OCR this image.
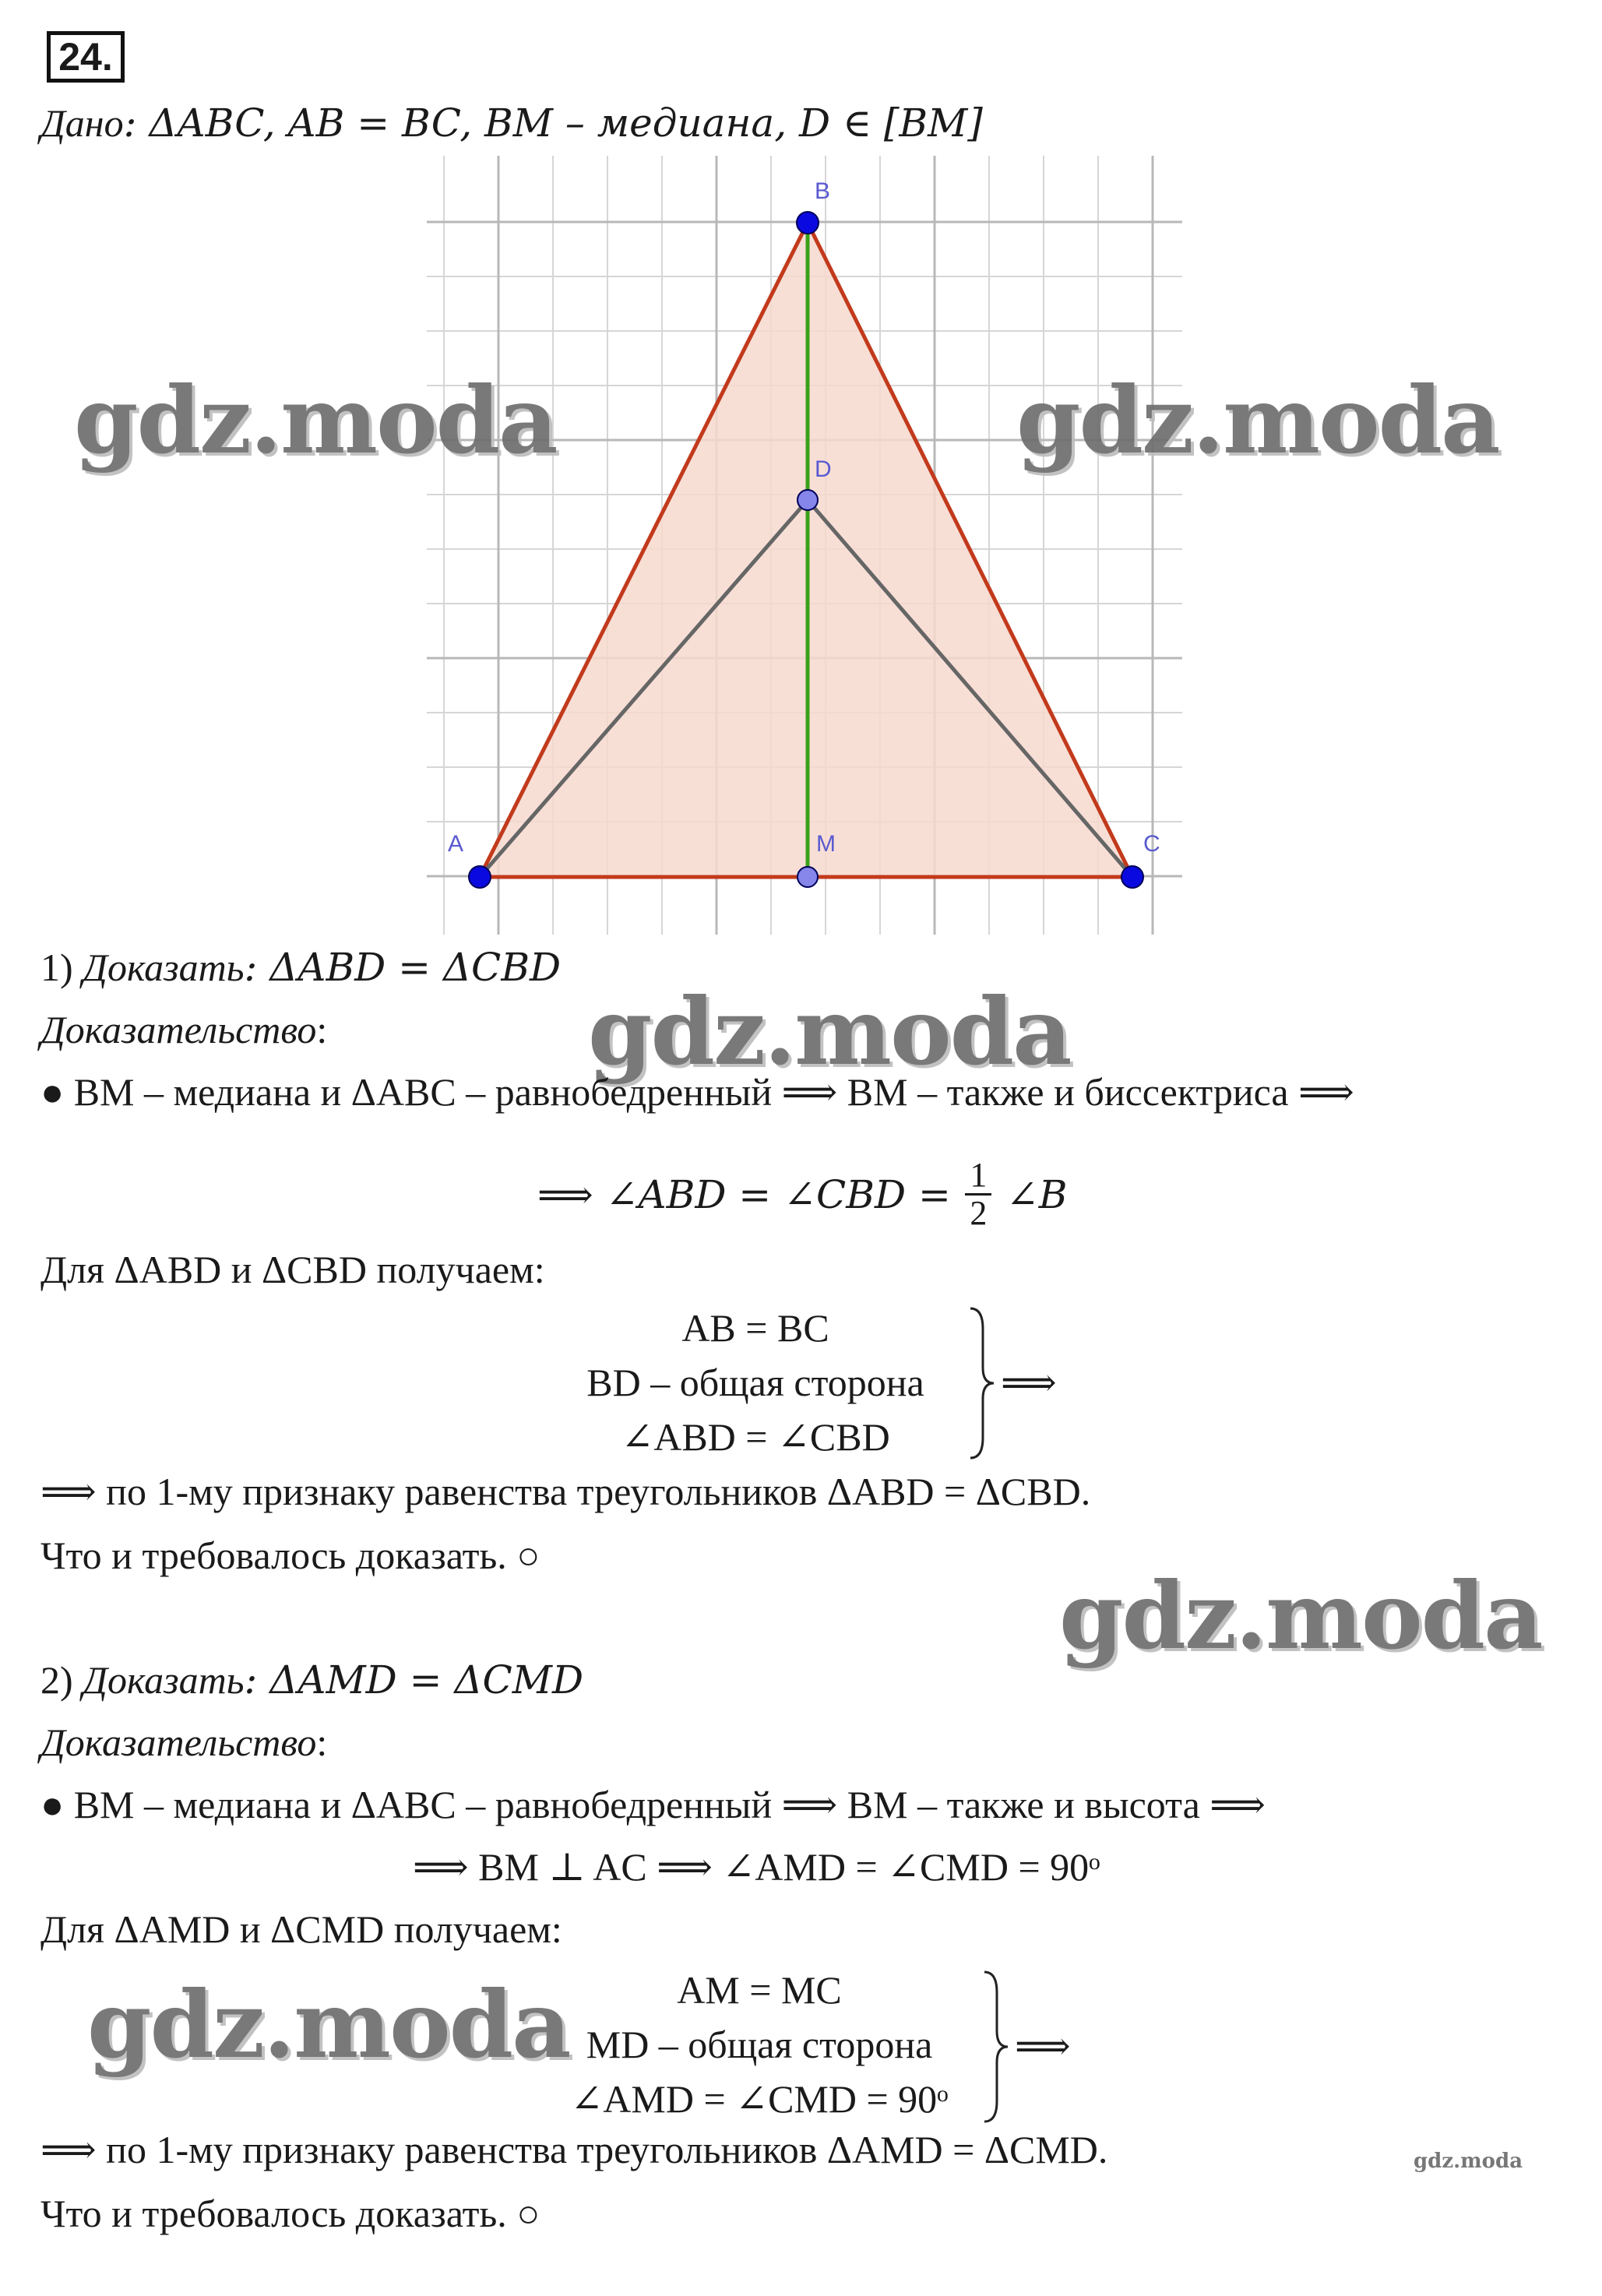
24.
Дано: ΔABC, AB = BC, BM – медиана, D ∈ [BM]
A
B
C
D
M
gdz.moda	gdz.moda
gdz.moda
gdz.moda
gdz.moda
gdz.moda
1) Доказать: ΔABD = ΔCBD
Доказательство:
● BM – медиана и ΔABC – равнобедренный ⟹ BM – также и биссектриса ⟹
⟹ ∠ABD = ∠CBD = $\frac{1}{2}$ ∠B
Для ΔABD и ΔCBD получаем:
AB = BC
BD – общая сторона
∠ABD = ∠CBD
⟹
⟹ по 1-му признаку равенства треугольников ΔABD = ΔCBD.
Что и требовалось доказать. ○
2) Доказать: ΔAMD = ΔCMD
Доказательство:
● BM – медиана и ΔABC – равнобедренный ⟹ BM – также и высота ⟹
⟹ BM ⊥ AC ⟹ ∠AMD = ∠CMD = 90ᵒ
Для ΔAMD и ΔCMD получаем:
AM = MC
MD – общая сторона
∠AMD = ∠CMD = 90ᵒ
⟹
⟹ по 1-му признаку равенства треугольников ΔAMD = ΔCMD.
Что и требовалось доказать. ○
